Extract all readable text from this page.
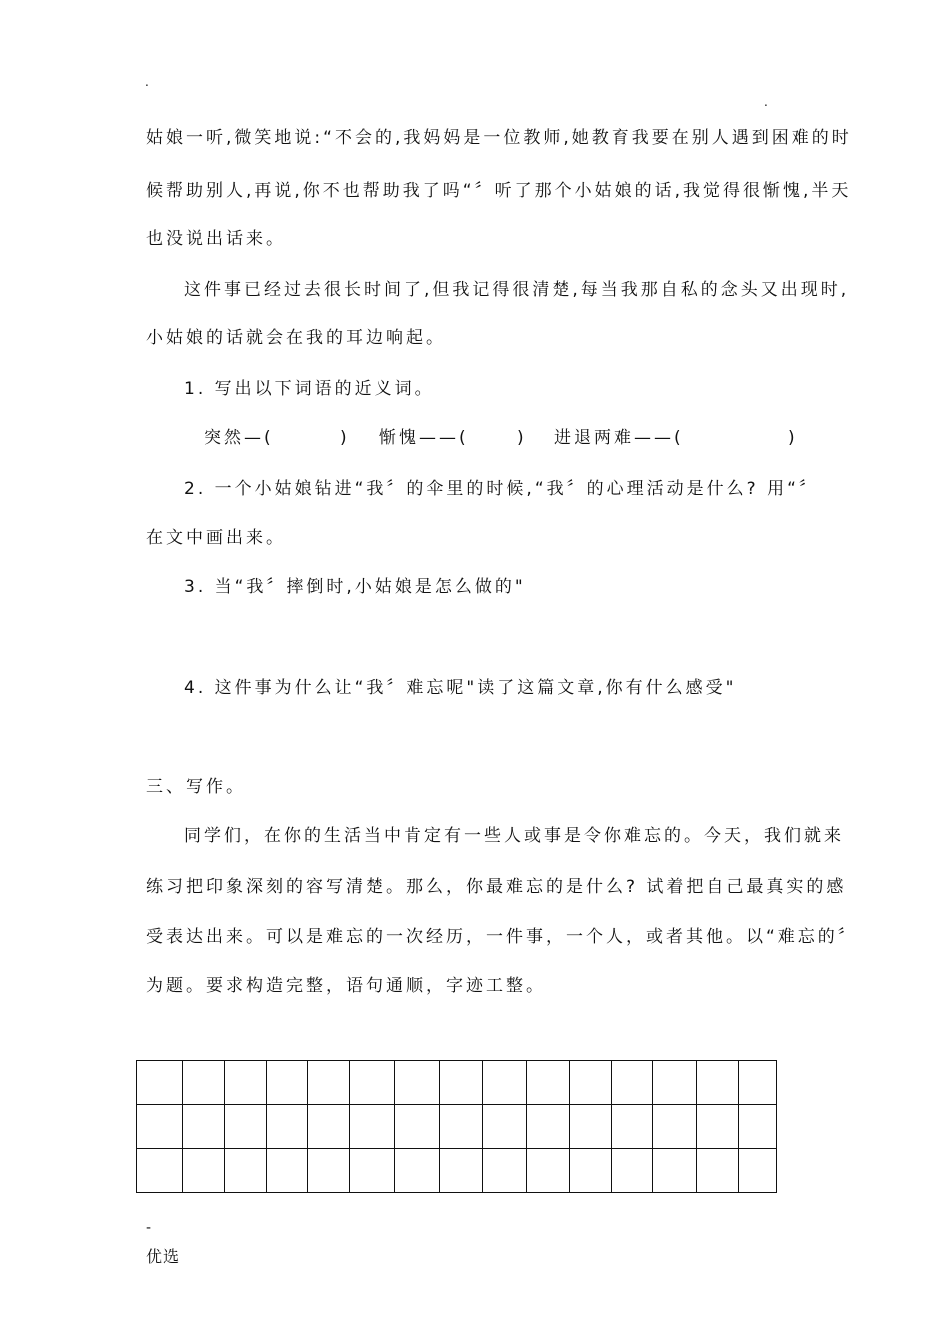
.
.
姑娘一听,微笑地说:“不会的,我妈妈是一位教师,她教育我要在别人遇到困难的时
候帮助别人,再说,你不也帮助我了吗“〞听了那个小姑娘的话,我觉得很惭愧,半天
也没说出话来。
这件事已经过去很长时间了,但我记得很清楚,每当我那自私的念头又出现时,
小姑娘的话就会在我的耳边响起。
1. 写出以下词语的近义词。
突然—(	) 惭愧——(	) 进退两难——(	)
2. 一个小姑娘钻进“我〞的伞里的时候,“我〞的心理活动是什么? 用“〞
在文中画出来。
3. 当“我〞摔倒时,小姑娘是怎么做的"
4. 这件事为什么让“我〞难忘呢"读了这篇文章,你有什么感受"
三、写作。
同学们，在你的生活当中肯定有一些人或事是令你难忘的。今天，我们就来
练习把印象深刻的容写清楚。那么，你最难忘的是什么? 试着把自己最真实的感
受表达出来。可以是难忘的一次经历，一件事，一个人，或者其他。以“难忘的〞
为题。要求构造完整，语句通顺，字迹工整。

-
优选
